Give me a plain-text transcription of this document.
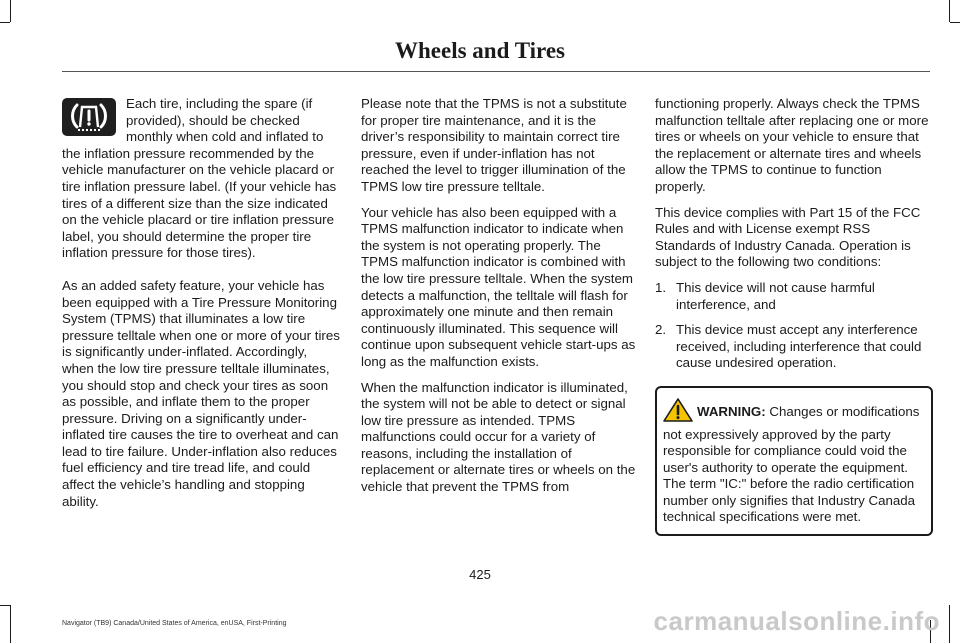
Wheels and Tires

Each tire, including the spare (if provided), should be checked monthly when cold and inflated to the inflation pressure recommended by the vehicle manufacturer on the vehicle placard or tire inflation pressure label. (If your vehicle has tires of a different size than the size indicated on the vehicle placard or tire inflation pressure label, you should determine the proper tire inflation pressure for those tires).

As an added safety feature, your vehicle has been equipped with a Tire Pressure Monitoring System (TPMS) that illuminates a low tire pressure telltale when one or more of your tires is significantly under-inflated. Accordingly, when the low tire pressure telltale illuminates, you should stop and check your tires as soon as possible, and inflate them to the proper pressure. Driving on a significantly under-inflated tire causes the tire to overheat and can lead to tire failure. Under-inflation also reduces fuel efficiency and tire tread life, and could affect the vehicle’s handling and stopping ability.

Please note that the TPMS is not a substitute for proper tire maintenance, and it is the driver’s responsibility to maintain correct tire pressure, even if under-inflation has not reached the level to trigger illumination of the TPMS low tire pressure telltale.

Your vehicle has also been equipped with a TPMS malfunction indicator to indicate when the system is not operating properly. The TPMS malfunction indicator is combined with the low tire pressure telltale. When the system detects a malfunction, the telltale will flash for approximately one minute and then remain continuously illuminated. This sequence will continue upon subsequent vehicle start-ups as long as the malfunction exists.

When the malfunction indicator is illuminated, the system will not be able to detect or signal low tire pressure as intended. TPMS malfunctions could occur for a variety of reasons, including the installation of replacement or alternate tires or wheels on the vehicle that prevent the TPMS from

functioning properly. Always check the TPMS malfunction telltale after replacing one or more tires or wheels on your vehicle to ensure that the replacement or alternate tires and wheels allow the TPMS to continue to function properly.

This device complies with Part 15 of the FCC Rules and with License exempt RSS Standards of Industry Canada. Operation is subject to the following two conditions:

1. This device will not cause harmful interference, and
2. This device must accept any interference received, including interference that could cause undesired operation.
WARNING: Changes or modifications not expressively approved by the party responsible for compliance could void the user's authority to operate the equipment. The term "IC:" before the radio certification number only signifies that Industry Canada technical specifications were met.
425
Navigator (TB9) Canada/United States of America, enUSA, First-Printing	carmanualsonline.info
